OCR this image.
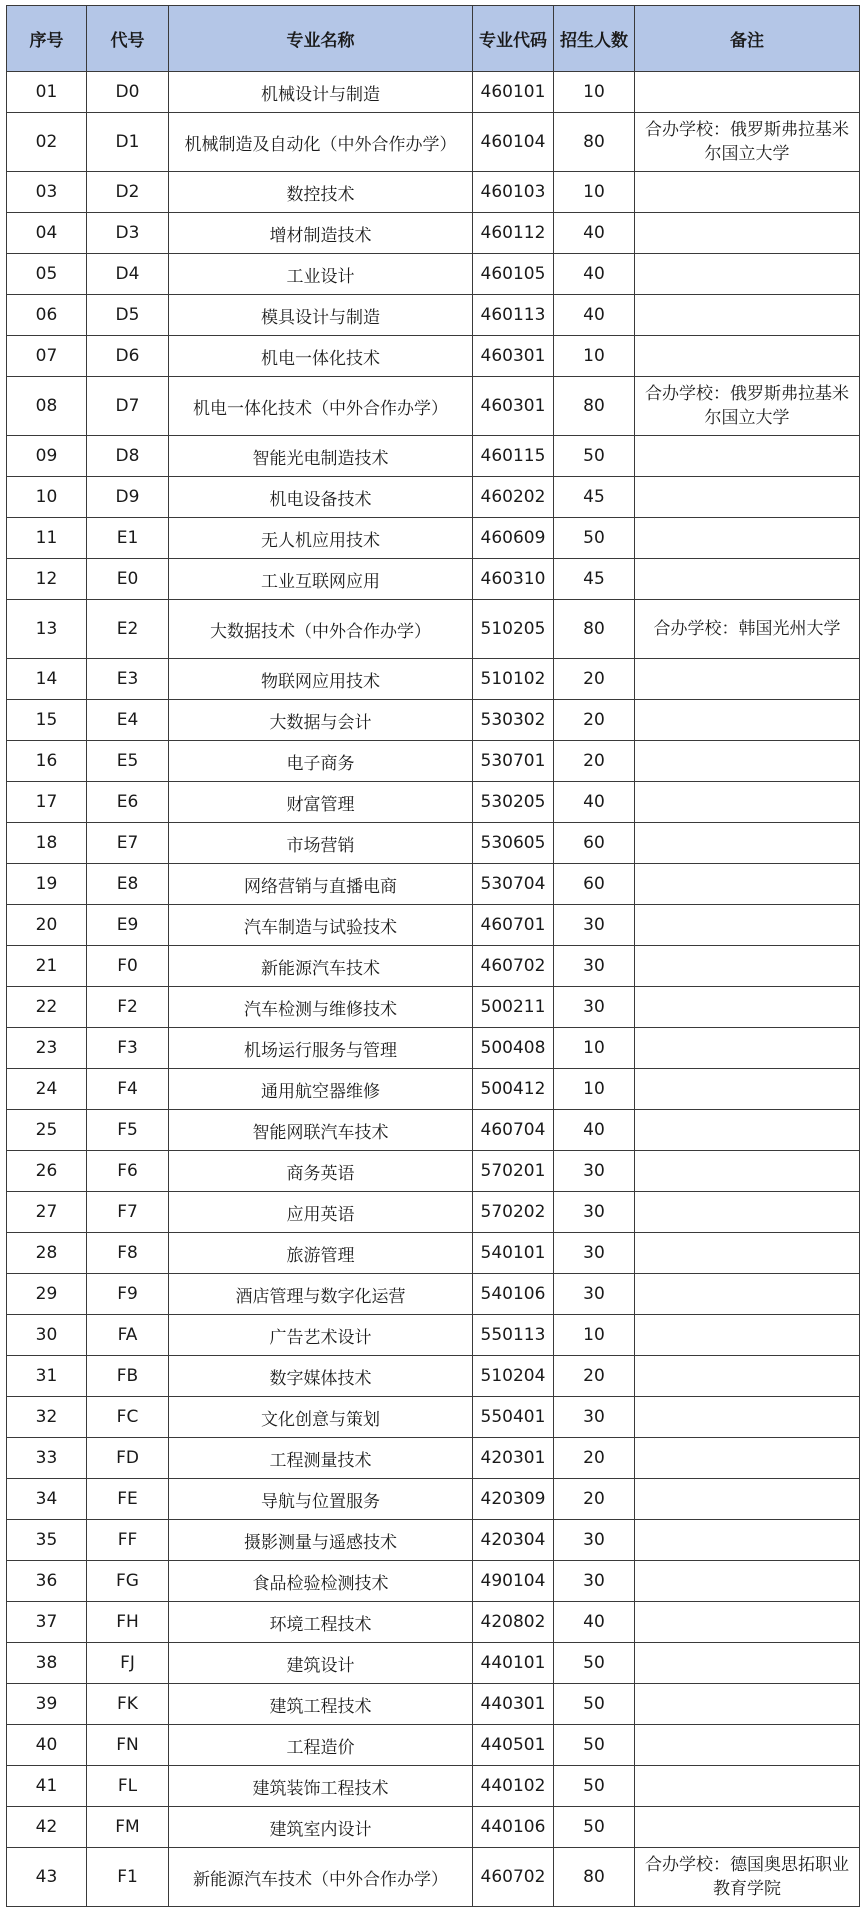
序号	代号	专业名称	专业代码	招生人数	备注
01	D0	机械设计与制造	460101	10	
02	D1	机械制造及自动化（中外合作办学）	460104	80	合办学校：俄罗斯弗拉基米尔国立大学
03	D2	数控技术	460103	10	
04	D3	增材制造技术	460112	40	
05	D4	工业设计	460105	40	
06	D5	模具设计与制造	460113	40	
07	D6	机电一体化技术	460301	10	
08	D7	机电一体化技术（中外合作办学）	460301	80	合办学校：俄罗斯弗拉基米尔国立大学
09	D8	智能光电制造技术	460115	50	
10	D9	机电设备技术	460202	45	
11	E1	无人机应用技术	460609	50	
12	E0	工业互联网应用	460310	45	
13	E2	大数据技术（中外合作办学）	510205	80	合办学校：韩国光州大学
14	E3	物联网应用技术	510102	20	
15	E4	大数据与会计	530302	20	
16	E5	电子商务	530701	20	
17	E6	财富管理	530205	40	
18	E7	市场营销	530605	60	
19	E8	网络营销与直播电商	530704	60	
20	E9	汽车制造与试验技术	460701	30	
21	F0	新能源汽车技术	460702	30	
22	F2	汽车检测与维修技术	500211	30	
23	F3	机场运行服务与管理	500408	10	
24	F4	通用航空器维修	500412	10	
25	F5	智能网联汽车技术	460704	40	
26	F6	商务英语	570201	30	
27	F7	应用英语	570202	30	
28	F8	旅游管理	540101	30	
29	F9	酒店管理与数字化运营	540106	30	
30	FA	广告艺术设计	550113	10	
31	FB	数字媒体技术	510204	20	
32	FC	文化创意与策划	550401	30	
33	FD	工程测量技术	420301	20	
34	FE	导航与位置服务	420309	20	
35	FF	摄影测量与遥感技术	420304	30	
36	FG	食品检验检测技术	490104	30	
37	FH	环境工程技术	420802	40	
38	FJ	建筑设计	440101	50	
39	FK	建筑工程技术	440301	50	
40	FN	工程造价	440501	50	
41	FL	建筑装饰工程技术	440102	50	
42	FM	建筑室内设计	440106	50	
43	F1	新能源汽车技术（中外合作办学）	460702	80	合办学校：德国奥思拓职业教育学院
